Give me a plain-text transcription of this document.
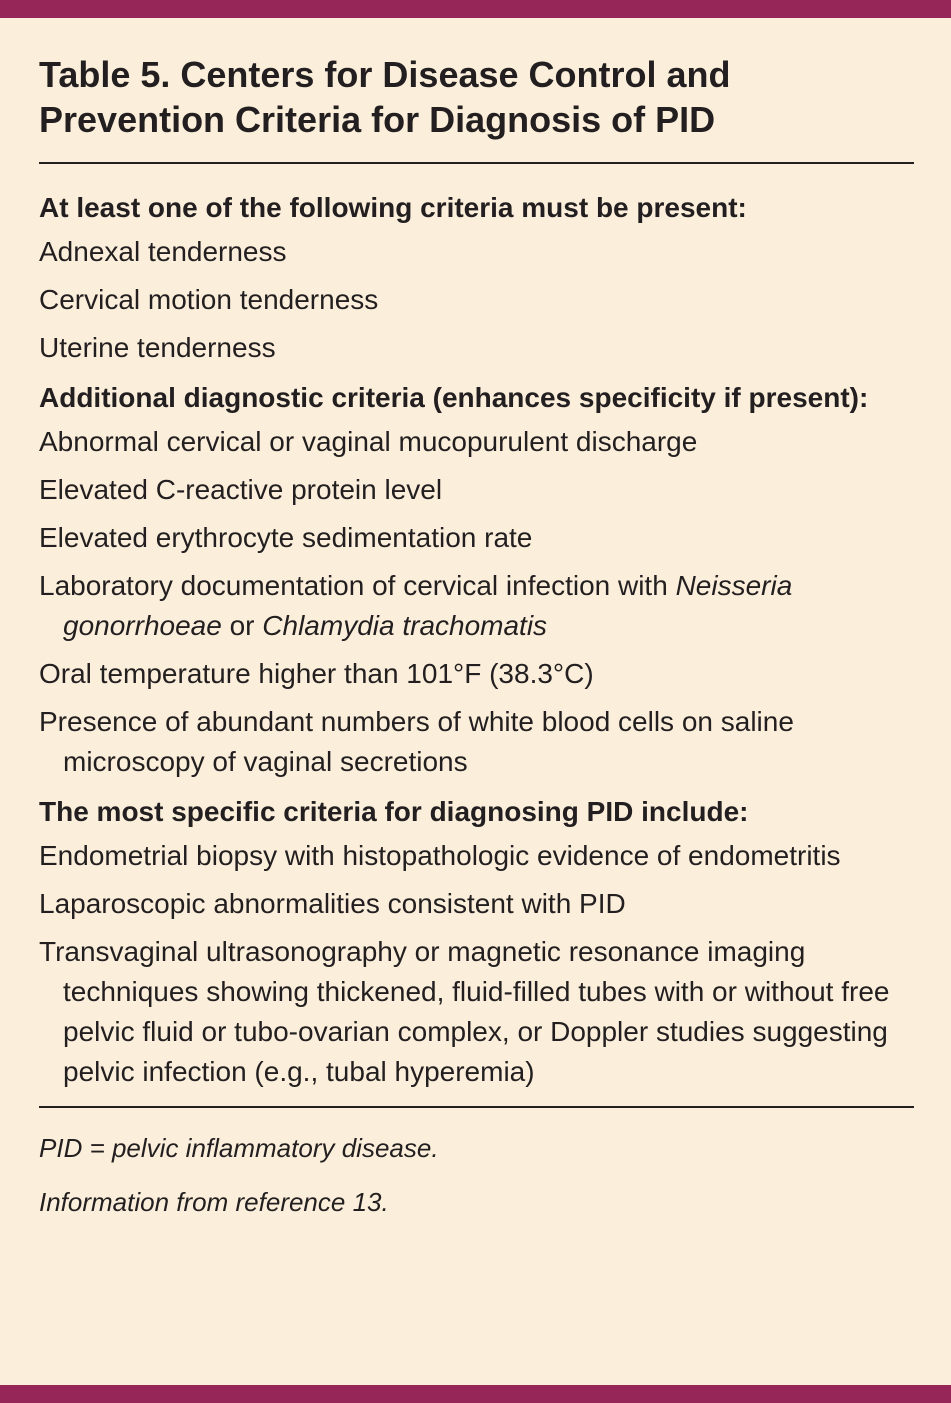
Table 5. Centers for Disease Control and
Prevention Criteria for Diagnosis of PID

At least one of the following criteria must be present:

Adnexal tenderness

Cervical motion tenderness

Uterine tenderness

Additional diagnostic criteria (enhances specificity if present):

Abnormal cervical or vaginal mucopurulent discharge

Elevated C-reactive protein level

Elevated erythrocyte sedimentation rate

Laboratory documentation of cervical infection with Neisseria gonorrhoeae or Chlamydia trachomatis

Oral temperature higher than 101°F (38.3°C)

Presence of abundant numbers of white blood cells on saline microscopy of vaginal secretions

The most specific criteria for diagnosing PID include:

Endometrial biopsy with histopathologic evidence of endometritis

Laparoscopic abnormalities consistent with PID

Transvaginal ultrasonography or magnetic resonance imaging techniques showing thickened, fluid-filled tubes with or without free pelvic fluid or tubo-ovarian complex, or Doppler studies suggesting pelvic infection (e.g., tubal hyperemia)

PID = pelvic inflammatory disease.
Information from reference 13.
